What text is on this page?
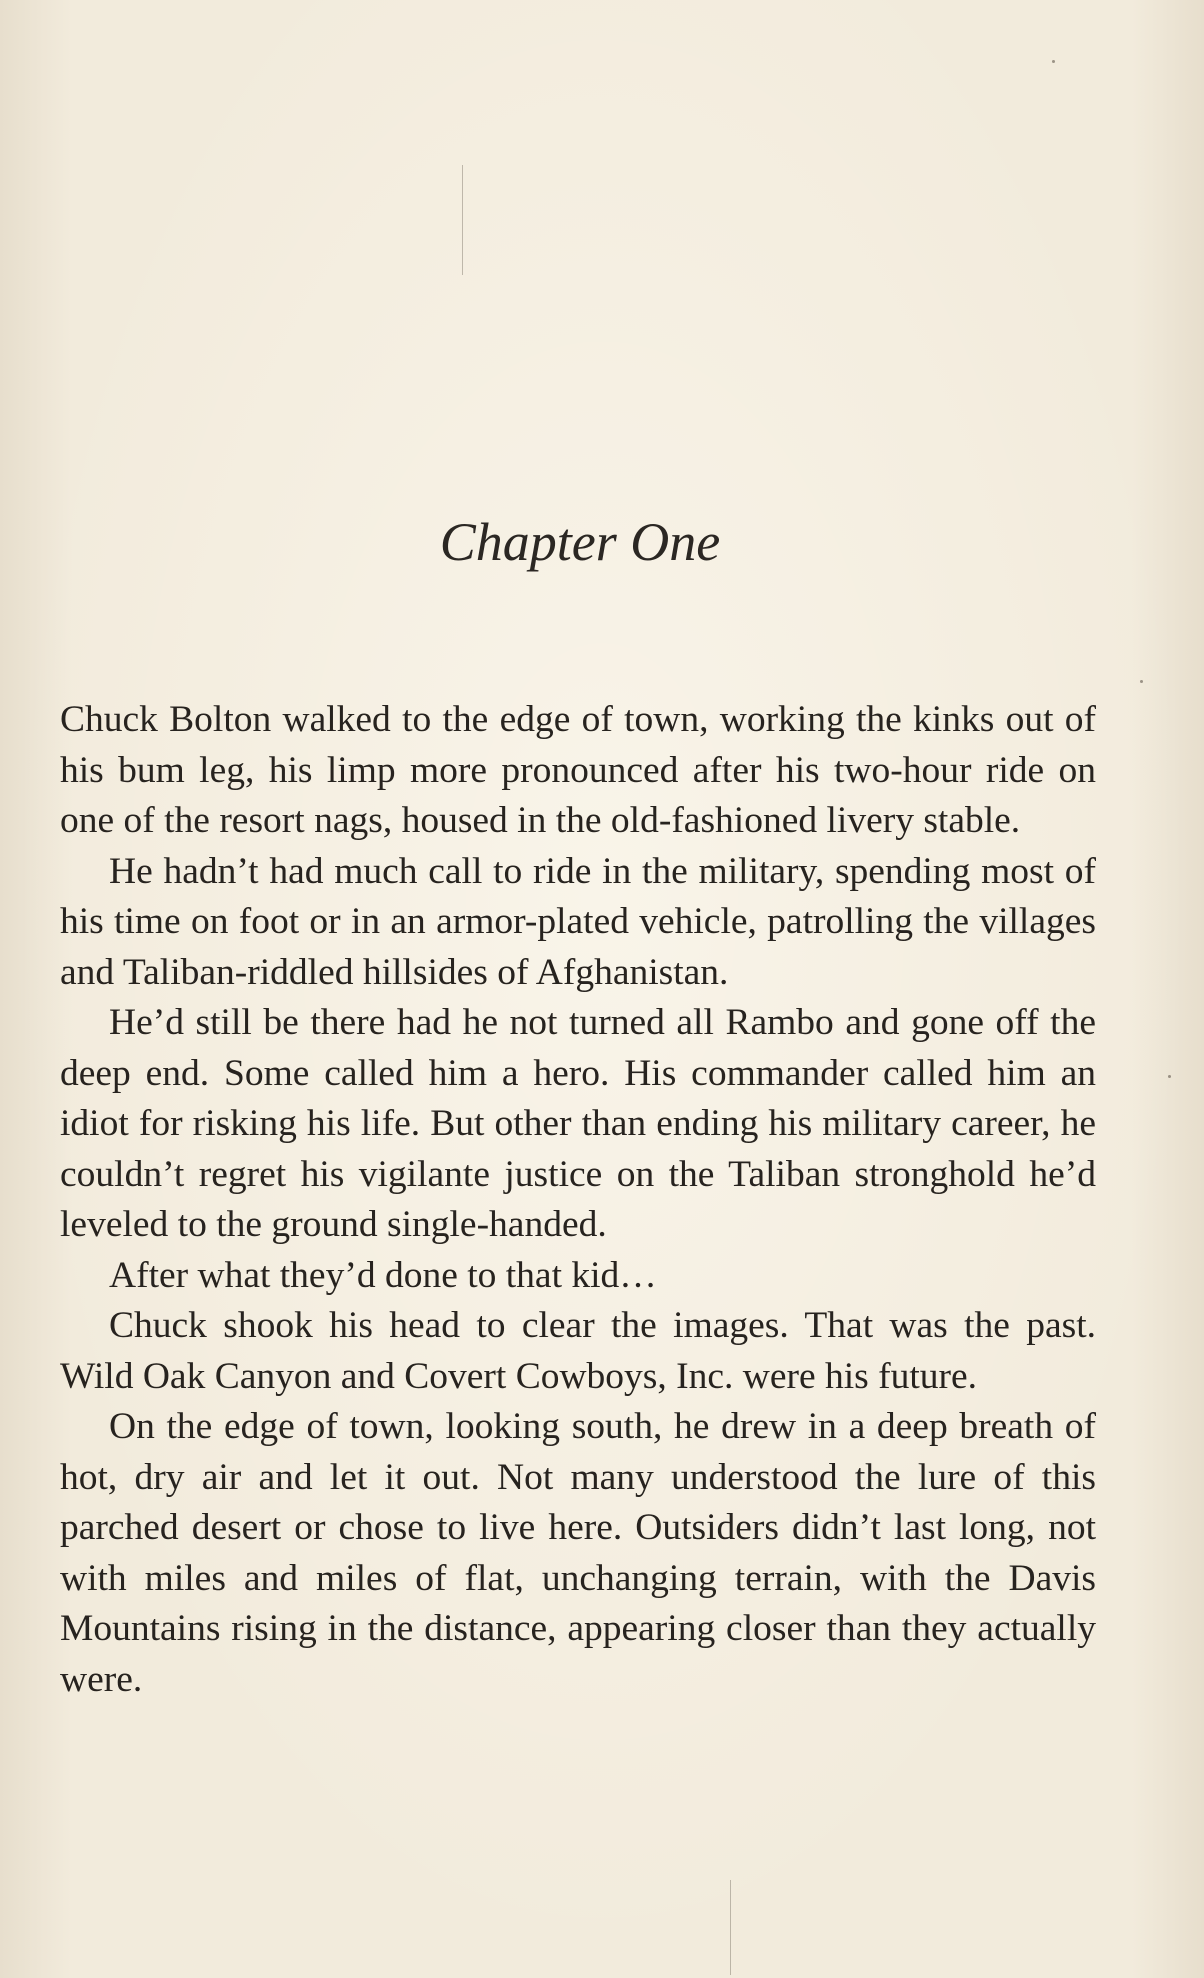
Chapter One

Chuck Bolton walked to the edge of town, working the kinks out of his bum leg, his limp more pronounced after his two-hour ride on one of the resort nags, housed in the old-fashioned livery stable.

He hadn’t had much call to ride in the military, spending most of his time on foot or in an armor-plated vehicle, patrolling the villages and Taliban-riddled hillsides of Afghanistan.

He’d still be there had he not turned all Rambo and gone off the deep end. Some called him a hero. His commander called him an idiot for risking his life. But other than ending his military career, he couldn’t regret his vigilante justice on the Taliban stronghold he’d leveled to the ground single-handed.

After what they’d done to that kid…

Chuck shook his head to clear the images. That was the past. Wild Oak Canyon and Covert Cowboys, Inc. were his future.

On the edge of town, looking south, he drew in a deep breath of hot, dry air and let it out. Not many understood the lure of this parched desert or chose to live here. Outsiders didn’t last long, not with miles and miles of flat, unchanging terrain, with the Davis Mountains rising in the distance, appearing closer than they actually were.
